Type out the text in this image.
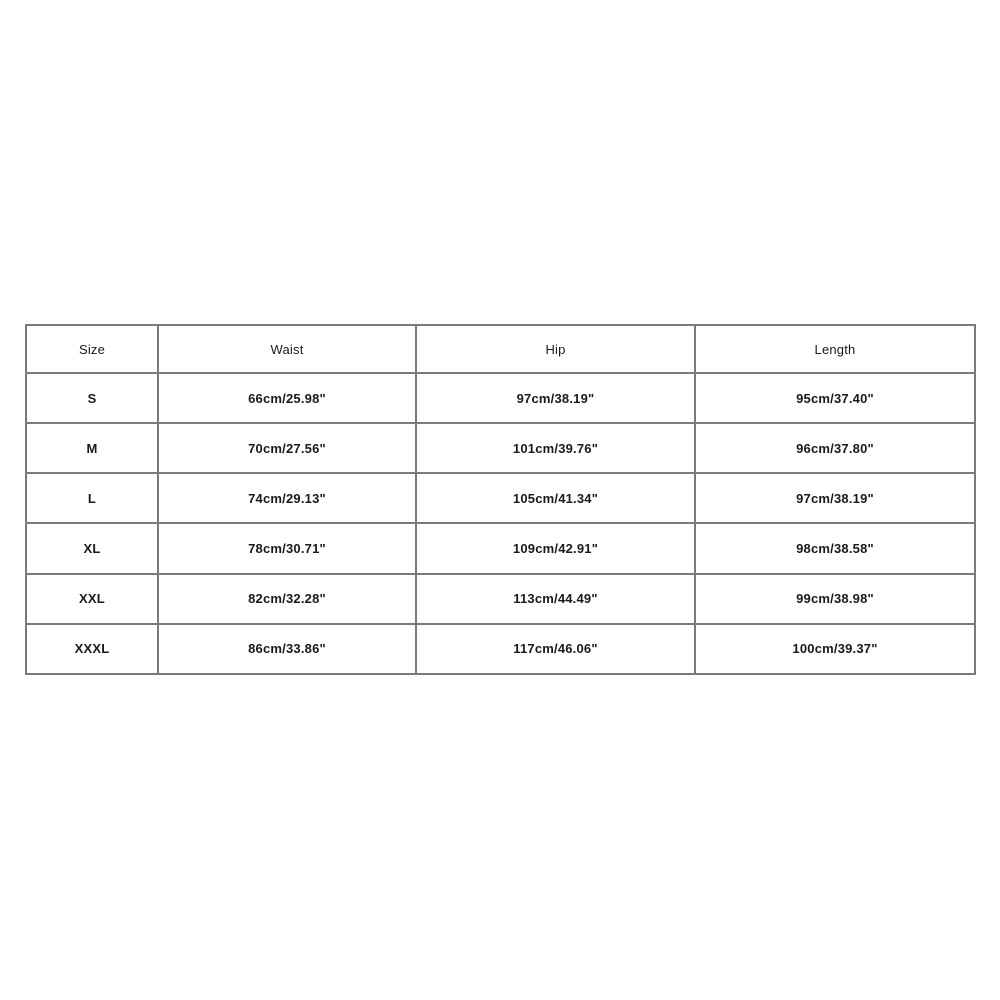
Size	Waist	Hip	Length
S	66cm/25.98"	97cm/38.19"	95cm/37.40"
M	70cm/27.56"	101cm/39.76"	96cm/37.80"
L	74cm/29.13"	105cm/41.34"	97cm/38.19"
XL	78cm/30.71"	109cm/42.91"	98cm/38.58"
XXL	82cm/32.28"	113cm/44.49"	99cm/38.98"
XXXL	86cm/33.86"	117cm/46.06"	100cm/39.37"
